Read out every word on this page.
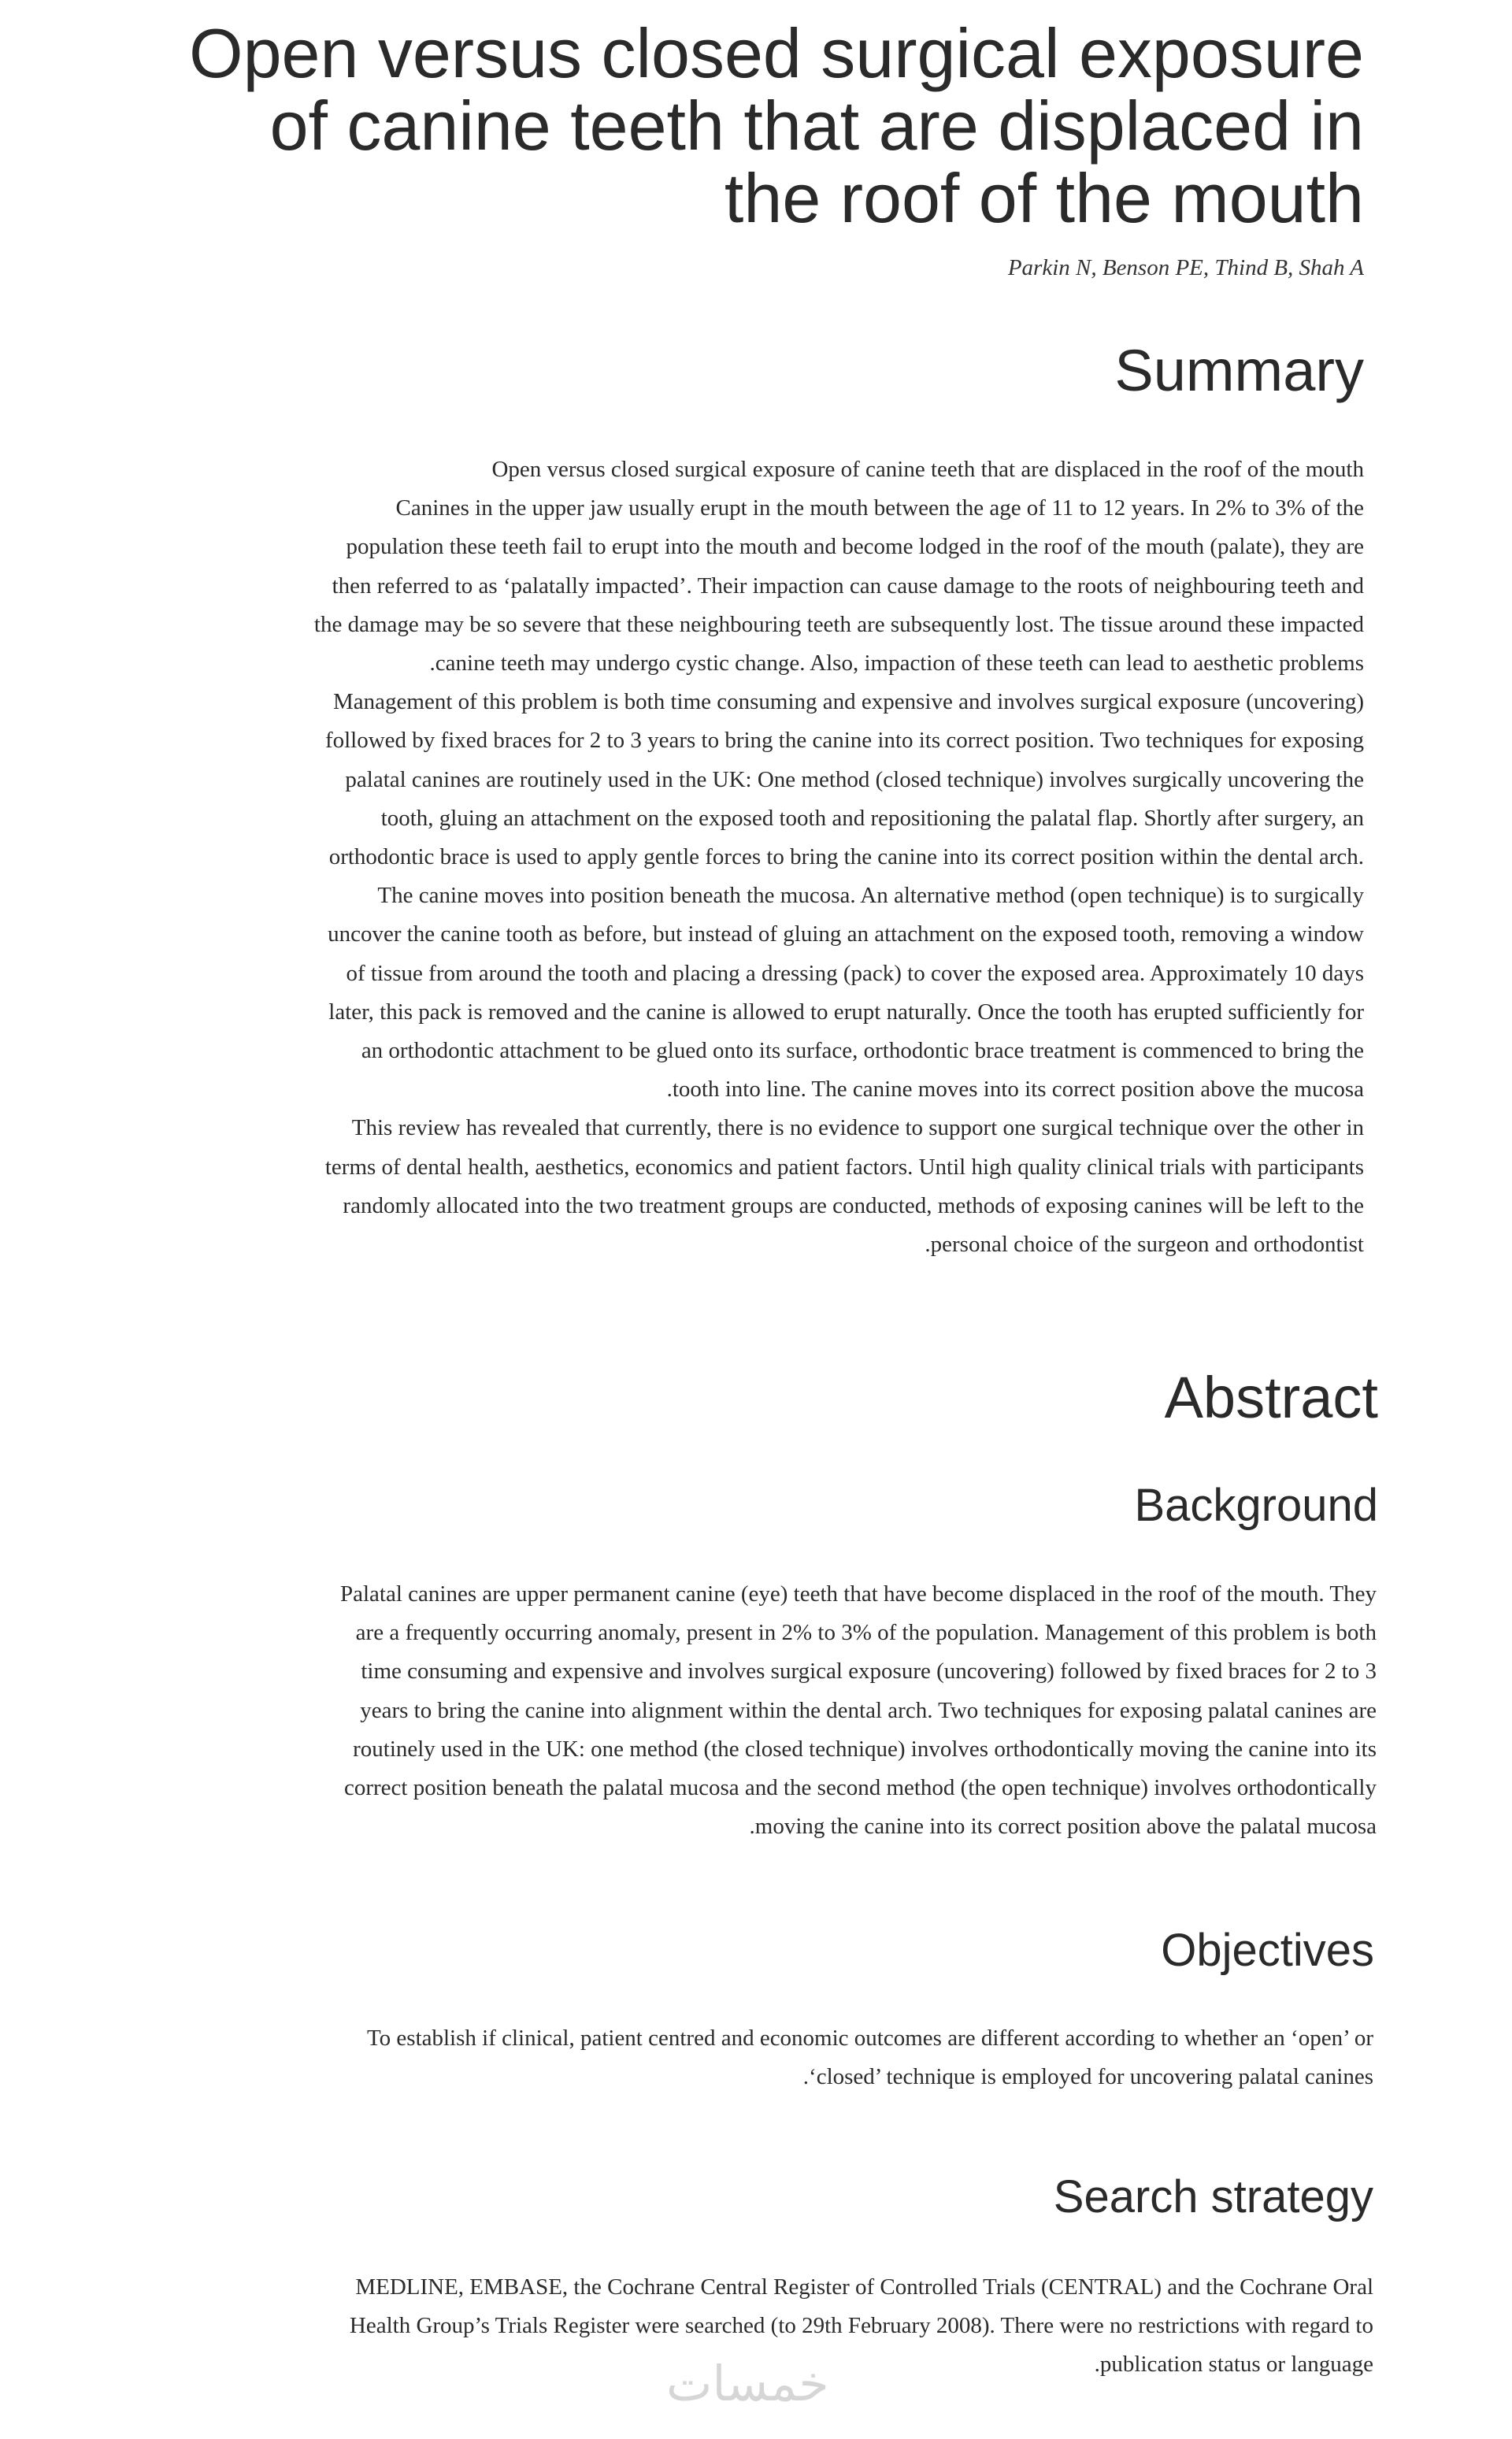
Open versus closed surgical exposure
of canine teeth that are displaced in
the roof of the mouth

Parkin N, Benson PE, Thind B, Shah A

Summary
Open versus closed surgical exposure of canine teeth that are displaced in the roof of the mouth
Canines in the upper jaw usually erupt in the mouth between the age of 11 to 12 years. In 2% to 3% of the
population these teeth fail to erupt into the mouth and become lodged in the roof of the mouth (palate), they are
then referred to as ‘palatally impacted’. Their impaction can cause damage to the roots of neighbouring teeth and
the damage may be so severe that these neighbouring teeth are subsequently lost. The tissue around these impacted
.canine teeth may undergo cystic change. Also, impaction of these teeth can lead to aesthetic problems
Management of this problem is both time consuming and expensive and involves surgical exposure (uncovering)
followed by fixed braces for 2 to 3 years to bring the canine into its correct position. Two techniques for exposing
palatal canines are routinely used in the UK: One method (closed technique) involves surgically uncovering the
tooth, gluing an attachment on the exposed tooth and repositioning the palatal flap. Shortly after surgery, an
orthodontic brace is used to apply gentle forces to bring the canine into its correct position within the dental arch.
The canine moves into position beneath the mucosa. An alternative method (open technique) is to surgically
uncover the canine tooth as before, but instead of gluing an attachment on the exposed tooth, removing a window
of tissue from around the tooth and placing a dressing (pack) to cover the exposed area. Approximately 10 days
later, this pack is removed and the canine is allowed to erupt naturally. Once the tooth has erupted sufficiently for
an orthodontic attachment to be glued onto its surface, orthodontic brace treatment is commenced to bring the
.tooth into line. The canine moves into its correct position above the mucosa
This review has revealed that currently, there is no evidence to support one surgical technique over the other in
terms of dental health, aesthetics, economics and patient factors. Until high quality clinical trials with participants
randomly allocated into the two treatment groups are conducted, methods of exposing canines will be left to the
.personal choice of the surgeon and orthodontist
Abstract
Background
Palatal canines are upper permanent canine (eye) teeth that have become displaced in the roof of the mouth. They
are a frequently occurring anomaly, present in 2% to 3% of the population. Management of this problem is both
time consuming and expensive and involves surgical exposure (uncovering) followed by fixed braces for 2 to 3
years to bring the canine into alignment within the dental arch. Two techniques for exposing palatal canines are
routinely used in the UK: one method (the closed technique) involves orthodontically moving the canine into its
correct position beneath the palatal mucosa and the second method (the open technique) involves orthodontically
.moving the canine into its correct position above the palatal mucosa
Objectives
To establish if clinical, patient centred and economic outcomes are different according to whether an ‘open’ or
.‘closed’ technique is employed for uncovering palatal canines
Search strategy
MEDLINE, EMBASE, the Cochrane Central Register of Controlled Trials (CENTRAL) and the Cochrane Oral
Health Group’s Trials Register were searched (to 29th February 2008). There were no restrictions with regard to
.publication status or language
خمسات
